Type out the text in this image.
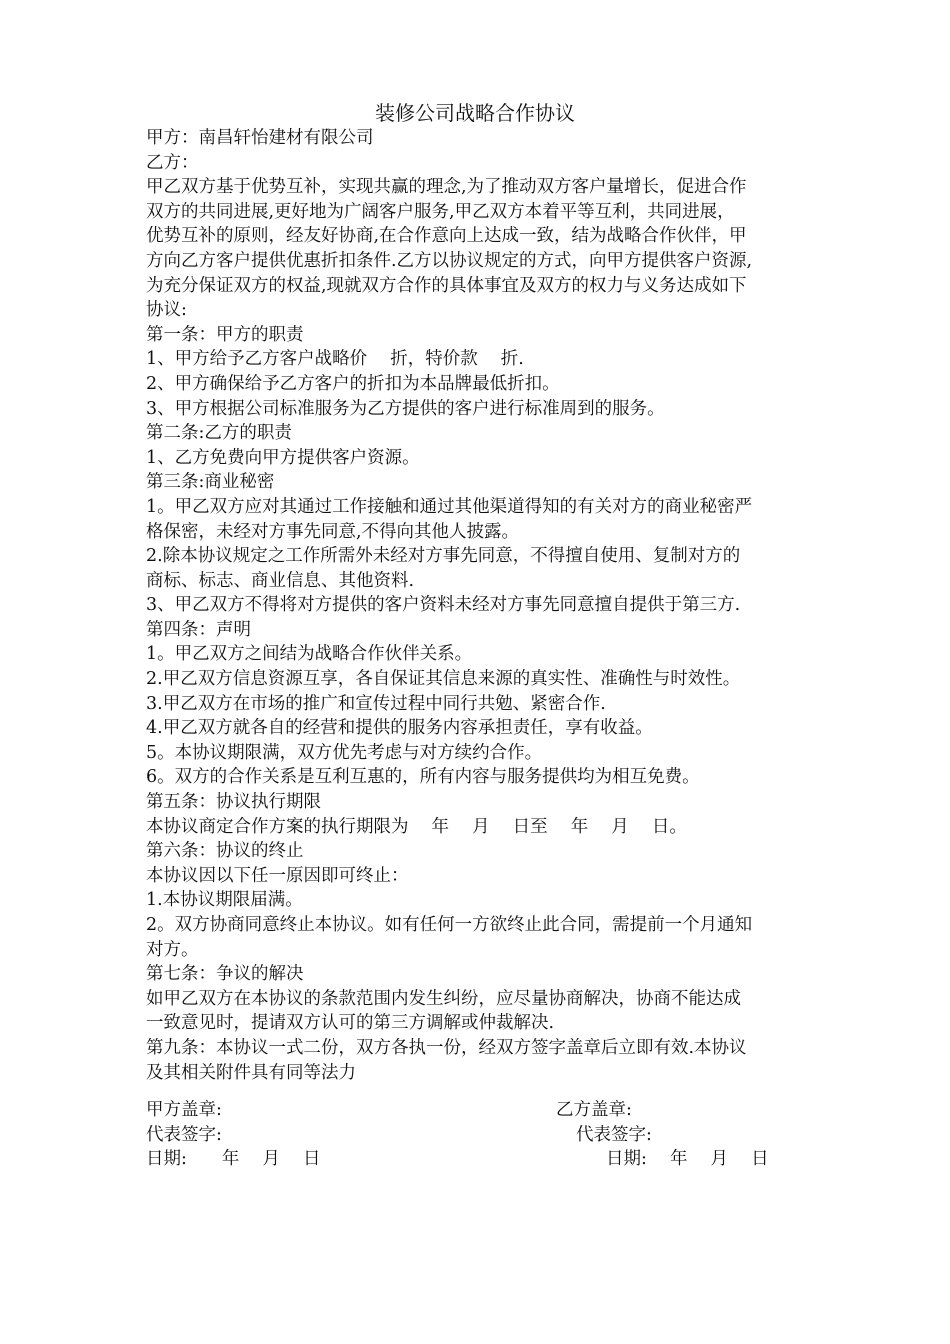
装修公司战略合作协议
甲方：南昌轩怡建材有限公司
乙方：
甲乙双方基于优势互补，实现共赢的理念,为了推动双方客户量增长，促进合作
双方的共同进展,更好地为广阔客户服务,甲乙双方本着平等互利，共同进展，
优势互补的原则，经友好协商,在合作意向上达成一致，结为战略合作伙伴，甲
方向乙方客户提供优惠折扣条件.乙方以协议规定的方式，向甲方提供客户资源,
为充分保证双方的权益,现就双方合作的具体事宜及双方的权力与义务达成如下
协议:
第一条：甲方的职责
1、甲方给予乙方客户战略价　 折，特价款　 折.
2、甲方确保给予乙方客户的折扣为本品牌最低折扣。
3、甲方根据公司标准服务为乙方提供的客户进行标准周到的服务。
第二条:乙方的职责
1、乙方免费向甲方提供客户资源。
第三条:商业秘密
1。甲乙双方应对其通过工作接触和通过其他渠道得知的有关对方的商业秘密严
格保密，未经对方事先同意,不得向其他人披露。
2.除本协议规定之工作所需外未经对方事先同意，不得擅自使用、复制对方的
商标、标志、商业信息、其他资料.
3、甲乙双方不得将对方提供的客户资料未经对方事先同意擅自提供于第三方.
第四条：声明
1。甲乙双方之间结为战略合作伙伴关系。
2.甲乙双方信息资源互享，各自保证其信息来源的真实性、准确性与时效性。
3.甲乙双方在市场的推广和宣传过程中同行共勉、紧密合作.
4.甲乙双方就各自的经营和提供的服务内容承担责任，享有收益。
5。本协议期限满，双方优先考虑与对方续约合作。
6。双方的合作关系是互利互惠的，所有内容与服务提供均为相互免费。
第五条：协议执行期限
本协议商定合作方案的执行期限为　 年　 月　 日至　 年　 月　 日。
第六条：协议的终止
本协议因以下任一原因即可终止：
1.本协议期限届满。
2。双方协商同意终止本协议。如有任何一方欲终止此合同，需提前一个月通知
对方。
第七条：争议的解决
如甲乙双方在本协议的条款范围内发生纠纷，应尽量协商解决，协商不能达成
一致意见时，提请双方认可的第三方调解或仲裁解决.
第九条：本协议一式二份，双方各执一份，经双方签字盖章后立即有效.本协议
及其相关附件具有同等法力
甲方盖章:	乙方盖章:
代表签字:	代表签字:
日期:　　年　 月　 日	日期:　 年　 月　 日
